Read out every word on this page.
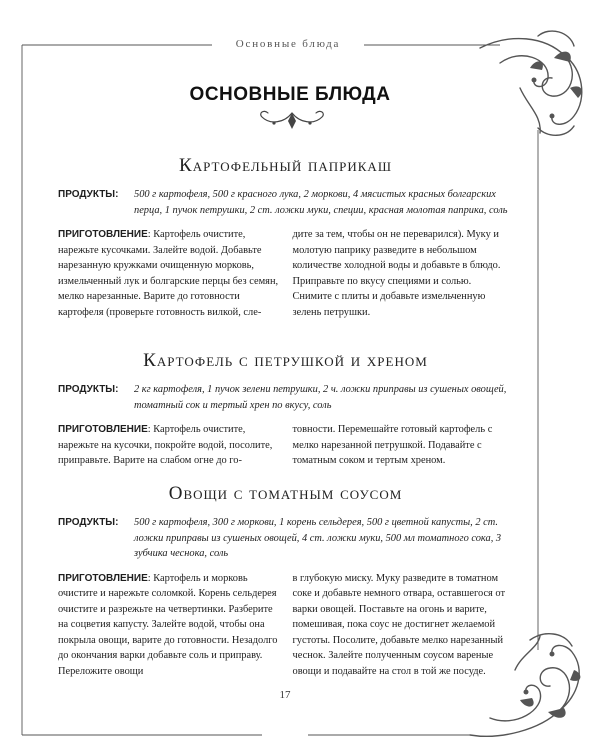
Основные блюда
ОСНОВНЫЕ БЛЮДА
Картофельный паприкаш
ПРОДУКТЫ:	500 г картофеля, 500 г красного лука, 2 моркови, 4 мясистых красных болгарских перца, 1 пучок петрушки, 2 ст. ложки муки, специи, красная молотая паприка, соль
ПРИГОТОВЛЕНИЕ: Картофель очистите, нарежьте кусочками. Залейте водой. Добавьте нарезанную кружками очищенную морковь, измельченный лук и болгарские перцы без семян, мелко нарезанные. Варите до готовности картофеля (проверьте готовность вилкой, сле-
дите за тем, чтобы он не переварился). Муку и молотую паприку разведите в небольшом количестве холодной воды и добавьте в блюдо. Приправьте по вкусу специями и солью. Снимите с плиты и добавьте измельченную зелень петрушки.
Картофель с петрушкой и хреном
ПРОДУКТЫ:	2 кг картофеля, 1 пучок зелени петрушки, 2 ч. ложки приправы из сушеных овощей, томатный сок и тертый хрен по вкусу, соль
ПРИГОТОВЛЕНИЕ: Картофель очистите, нарежьте на кусочки, покройте водой, посолите, приправьте. Варите на слабом огне до го-
товности. Перемешайте готовый картофель с мелко нарезанной петрушкой. Подавайте с томатным соком и тертым хреном.
Овощи с томатным соусом
ПРОДУКТЫ:	500 г картофеля, 300 г моркови, 1 корень сельдерея, 500 г цветной капусты, 2 ст. ложки приправы из сушеных овощей, 4 ст. ложки муки, 500 мл томатного сока, 3 зубчика чеснока, соль
ПРИГОТОВЛЕНИЕ: Картофель и морковь очистите и нарежьте соломкой. Корень сельдерея очистите и разрежьте на четвертинки. Разберите на соцветия капусту. Залейте водой, чтобы она покрыла овощи, варите до готовности. Незадолго до окончания варки добавьте соль и приправу. Переложите овощи
в глубокую миску. Муку разведите в томатном соке и добавьте немного отвара, оставшегося от варки овощей. Поставьте на огонь и варите, помешивая, пока соус не достигнет желаемой густоты. Посолите, добавьте мелко нарезанный чеснок. Залейте полученным соусом вареные овощи и подавайте на стол в той же посуде.
17
